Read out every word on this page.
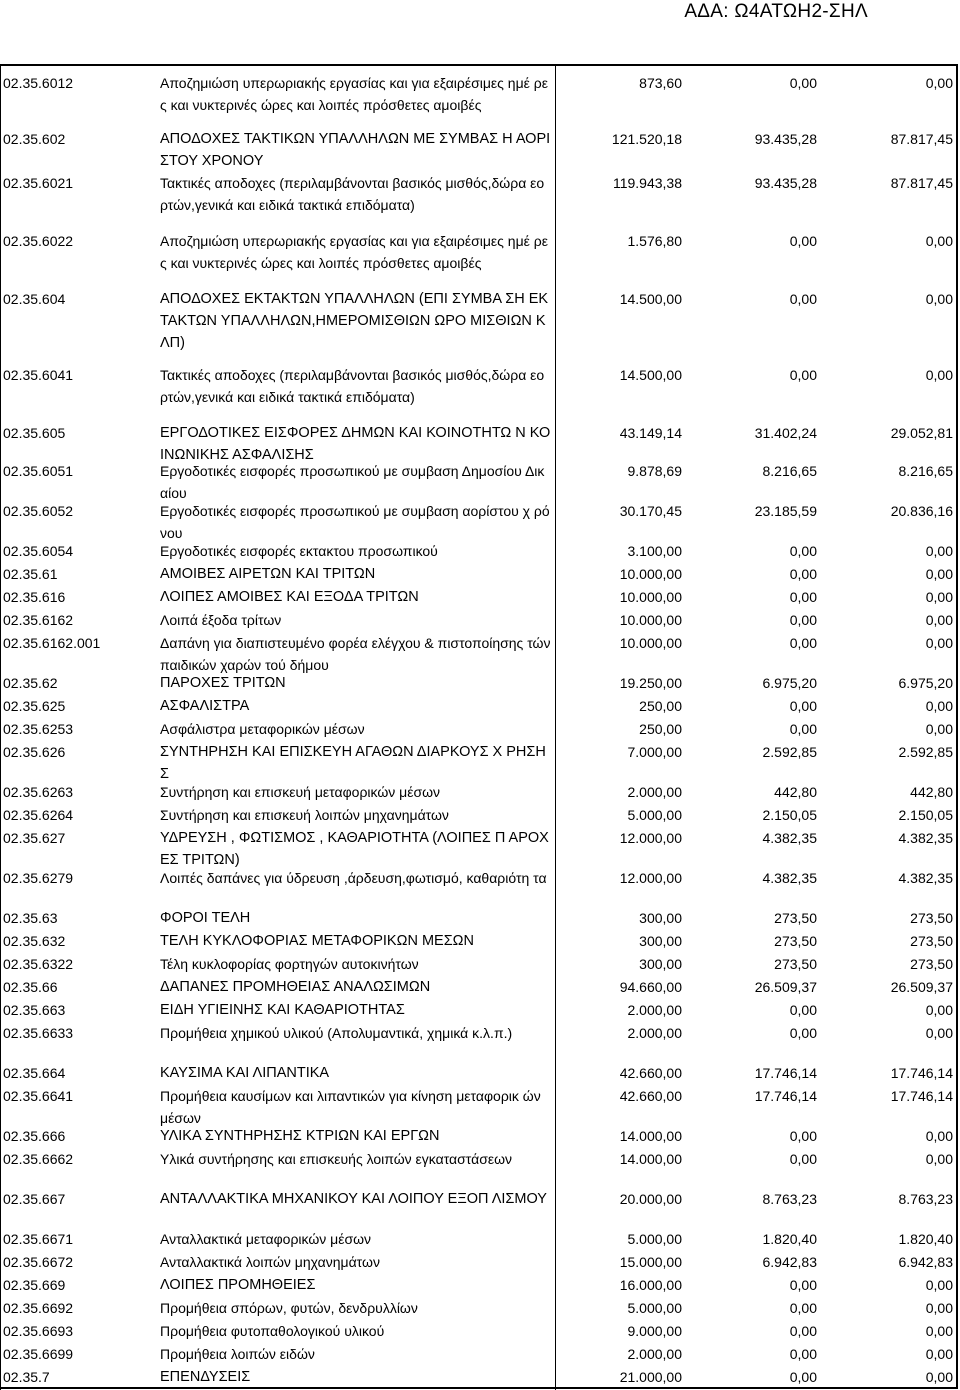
ΑΔΑ: Ω4ΑΤΩΗ2-ΣΗΛ
02.35.6012	Αποζημιώση υπερωριακής εργασίας και για εξαιρέσιμες ημέ ρες και νυκτερινές ώρες και λοιπές πρόσθετες αμοιβές
873,60	0,00	0,00
02.35.602	ΑΠΟΔΟΧΕΣ ΤΑΚΤΙΚΩΝ ΥΠΑΛΛΗΛΩΝ ΜΕ ΣΥΜΒΑΣ Η ΑΟΡΙΣΤΟΥ ΧΡΟΝΟΥ
121.520,18	93.435,28	87.817,45
02.35.6021	Τακτικές αποδοχες (περιλαμβάνονται βασικός μισθός,δώρα εορτών,γενικά και ειδικά τακτικά επιδόματα)
119.943,38	93.435,28	87.817,45
02.35.6022	Αποζημιώση υπερωριακής εργασίας και για εξαιρέσιμες ημέ ρες και νυκτερινές ώρες και λοιπές πρόσθετες αμοιβές
1.576,80	0,00	0,00
02.35.604	ΑΠΟΔΟΧΕΣ ΕΚΤΑΚΤΩΝ ΥΠΑΛΛΗΛΩΝ (ΕΠΙ ΣΥΜΒΑ ΣΗ ΕΚΤΑΚΤΩΝ ΥΠΑΛΛΗΛΩΝ,ΗΜΕΡΟΜΙΣΘΙΩΝ ΩΡΟ ΜΙΣΘΙΩΝ ΚΛΠ)
14.500,00	0,00	0,00
02.35.6041	Τακτικές αποδοχες (περιλαμβάνονται βασικός μισθός,δώρα εορτών,γενικά και ειδικά τακτικά επιδόματα)
14.500,00	0,00	0,00
02.35.605	ΕΡΓΟΔΟΤΙΚΕΣ ΕΙΣΦΟΡΕΣ ΔΗΜΩΝ ΚΑΙ ΚΟΙΝΟΤΗΤΩ Ν ΚΟΙΝΩΝΙΚΗΣ ΑΣΦΑΛΙΣΗΣ
43.149,14	31.402,24	29.052,81
02.35.6051	Εργοδοτικές εισφορές προσωπικού με συμβαση Δημοσίου Δικαίου
9.878,69	8.216,65	8.216,65
02.35.6052	Εργοδοτικές εισφορές προσωπικού με συμβαση αορίστου χ ρόνου
30.170,45	23.185,59	20.836,16
02.35.6054	Εργοδοτικές εισφορές εκτακτου προσωπικού	3.100,00	0,00	0,00
02.35.61	ΑΜΟΙΒΕΣ ΑΙΡΕΤΩΝ ΚΑΙ ΤΡΙΤΩΝ	10.000,00	0,00	0,00
02.35.616	ΛΟΙΠΕΣ ΑΜΟΙΒΕΣ ΚΑΙ ΕΞΟΔΑ ΤΡΙΤΩΝ	10.000,00	0,00	0,00
02.35.6162	Λοιπά έξοδα τρίτων	10.000,00	0,00	0,00
02.35.6162.001	Δαπάνη για διαπιστευμένο φορέα ελέγχου & πιστοποίησης τών παιδικών χαρών τού δήμου
10.000,00	0,00	0,00
02.35.62	ΠΑΡΟΧΕΣ ΤΡΙΤΩΝ	19.250,00	6.975,20	6.975,20
02.35.625	ΑΣΦΑΛΙΣΤΡΑ	250,00	0,00	0,00
02.35.6253	Ασφάλιστρα μεταφορικών μέσων	250,00	0,00	0,00
02.35.626	ΣΥΝΤΗΡΗΣΗ ΚΑΙ ΕΠΙΣΚΕΥΗ ΑΓΑΘΩΝ ΔΙΑΡΚΟΥΣ Χ ΡΗΣΗΣ
7.000,00	2.592,85	2.592,85
02.35.6263	Συντήρηση και επισκευή μεταφορικών μέσων	2.000,00	442,80	442,80
02.35.6264	Συντήρηση και επισκευή λοιπών μηχανημάτων	5.000,00	2.150,05	2.150,05
02.35.627	ΥΔΡΕΥΣΗ , ΦΩΤΙΣΜΟΣ , ΚΑΘΑΡΙΟΤΗΤΑ (ΛΟΙΠΕΣ Π ΑΡΟΧΕΣ ΤΡΙΤΩΝ)
12.000,00	4.382,35	4.382,35
02.35.6279	Λοιπές δαπάνες για ύδρευση ,άρδευση,φωτισμό, καθαριότη τα	12.000,00	4.382,35	4.382,35
02.35.63	ΦΟΡΟΙ ΤΕΛΗ	300,00	273,50	273,50
02.35.632	ΤΕΛΗ ΚΥΚΛΟΦΟΡΙΑΣ ΜΕΤΑΦΟΡΙΚΩΝ ΜΕΣΩΝ	300,00	273,50	273,50
02.35.6322	Τέλη κυκλοφορίας φορτηγών αυτοκινήτων	300,00	273,50	273,50
02.35.66	ΔΑΠΑΝΕΣ ΠΡΟΜΗΘΕΙΑΣ ΑΝΑΛΩΣΙΜΩΝ	94.660,00	26.509,37	26.509,37
02.35.663	ΕΙΔΗ ΥΓΙΕΙΝΗΣ ΚΑΙ ΚΑΘΑΡΙΟΤΗΤΑΣ	2.000,00	0,00	0,00
02.35.6633	Προμήθεια χημικού υλικού (Απολυμαντικά, χημικά κ.λ.π.)	2.000,00	0,00	0,00
02.35.664	ΚΑΥΣΙΜΑ ΚΑΙ ΛΙΠΑΝΤΙΚΑ	42.660,00	17.746,14	17.746,14
02.35.6641	Προμήθεια καυσίμων και λιπαντικών για κίνηση μεταφορικ ών μέσων
42.660,00	17.746,14	17.746,14
02.35.666	ΥΛΙΚΑ ΣΥΝΤΗΡΗΣΗΣ ΚΤΡΙΩΝ ΚΑΙ ΕΡΓΩΝ	14.000,00	0,00	0,00
02.35.6662	Υλικά συντήρησης και επισκευής λοιπών εγκαταστάσεων	14.000,00	0,00	0,00
02.35.667	ΑΝΤΑΛΛΑΚΤΙΚΑ ΜΗΧΑΝΙΚΟΥ ΚΑΙ ΛΟΙΠΟΥ ΕΞΟΠ ΛΙΣΜΟΥ	20.000,00	8.763,23	8.763,23
02.35.6671	Ανταλλακτικά μεταφορικών μέσων	5.000,00	1.820,40	1.820,40
02.35.6672	Ανταλλακτικά λοιπών μηχανημάτων	15.000,00	6.942,83	6.942,83
02.35.669	ΛΟΙΠΕΣ ΠΡΟΜΗΘΕΙΕΣ	16.000,00	0,00	0,00
02.35.6692	Προμήθεια σπόρων, φυτών, δενδρυλλίων	5.000,00	0,00	0,00
02.35.6693	Προμήθεια φυτοπαθολογικού υλικού	9.000,00	0,00	0,00
02.35.6699	Προμήθεια λοιπών ειδών	2.000,00	0,00	0,00
02.35.7	ΕΠΕΝΔΥΣΕΙΣ	21.000,00	0,00	0,00
